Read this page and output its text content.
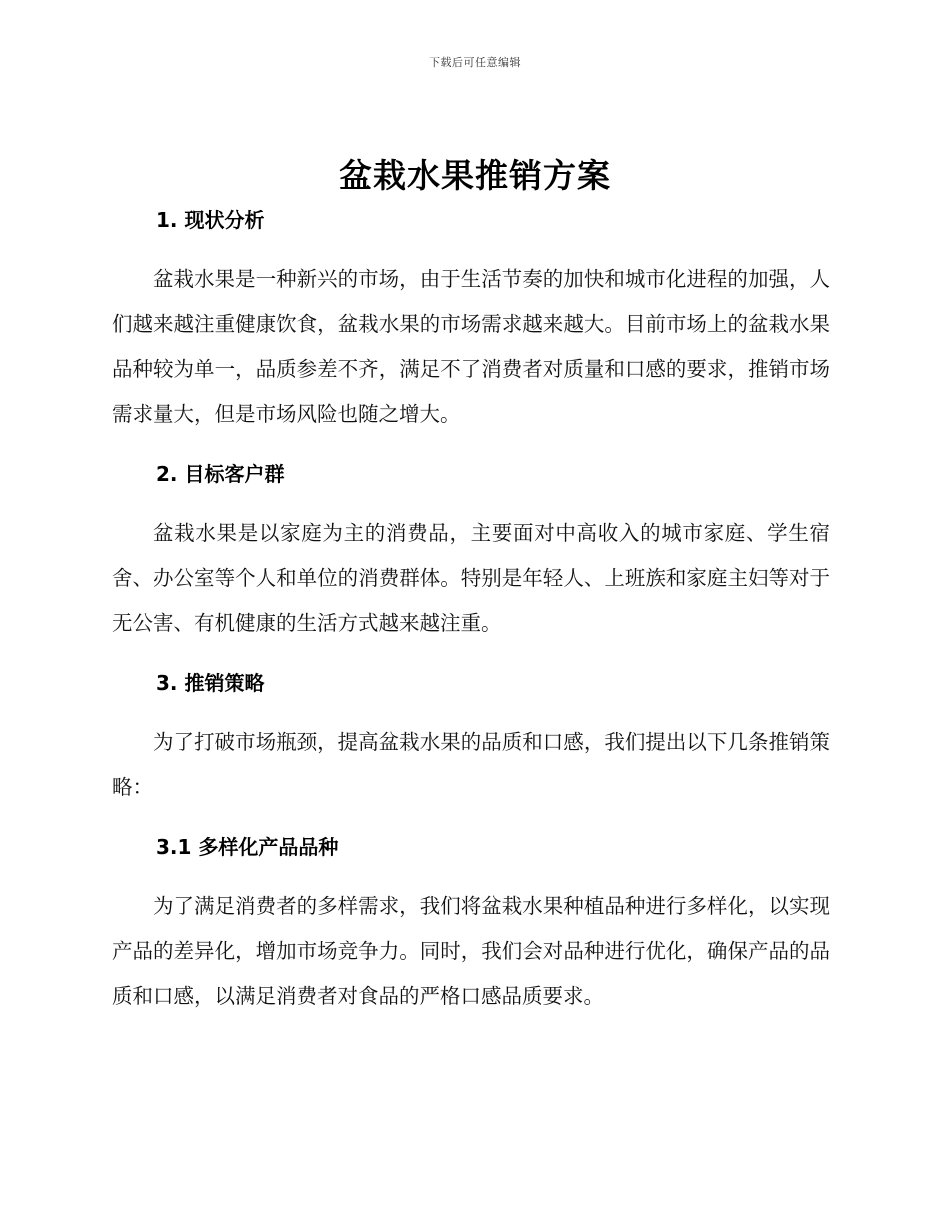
下载后可任意编辑
盆栽水果推销方案
1. 现状分析

盆栽水果是一种新兴的市场，由于生活节奏的加快和城市化进程的加强，人们越来越注重健康饮食，盆栽水果的市场需求越来越大。目前市场上的盆栽水果品种较为单一，品质参差不齐，满足不了消费者对质量和口感的要求，推销市场需求量大，但是市场风险也随之增大。

2. 目标客户群

盆栽水果是以家庭为主的消费品，主要面对中高收入的城市家庭、学生宿舍、办公室等个人和单位的消费群体。特别是年轻人、上班族和家庭主妇等对于无公害、有机健康的生活方式越来越注重。

3. 推销策略

为了打破市场瓶颈，提高盆栽水果的品质和口感，我们提出以下几条推销策略：

3.1 多样化产品品种

为了满足消费者的多样需求，我们将盆栽水果种植品种进行多样化，以实现产品的差异化，增加市场竞争力。同时，我们会对品种进行优化，确保产品的品质和口感，以满足消费者对食品的严格口感品质要求。
